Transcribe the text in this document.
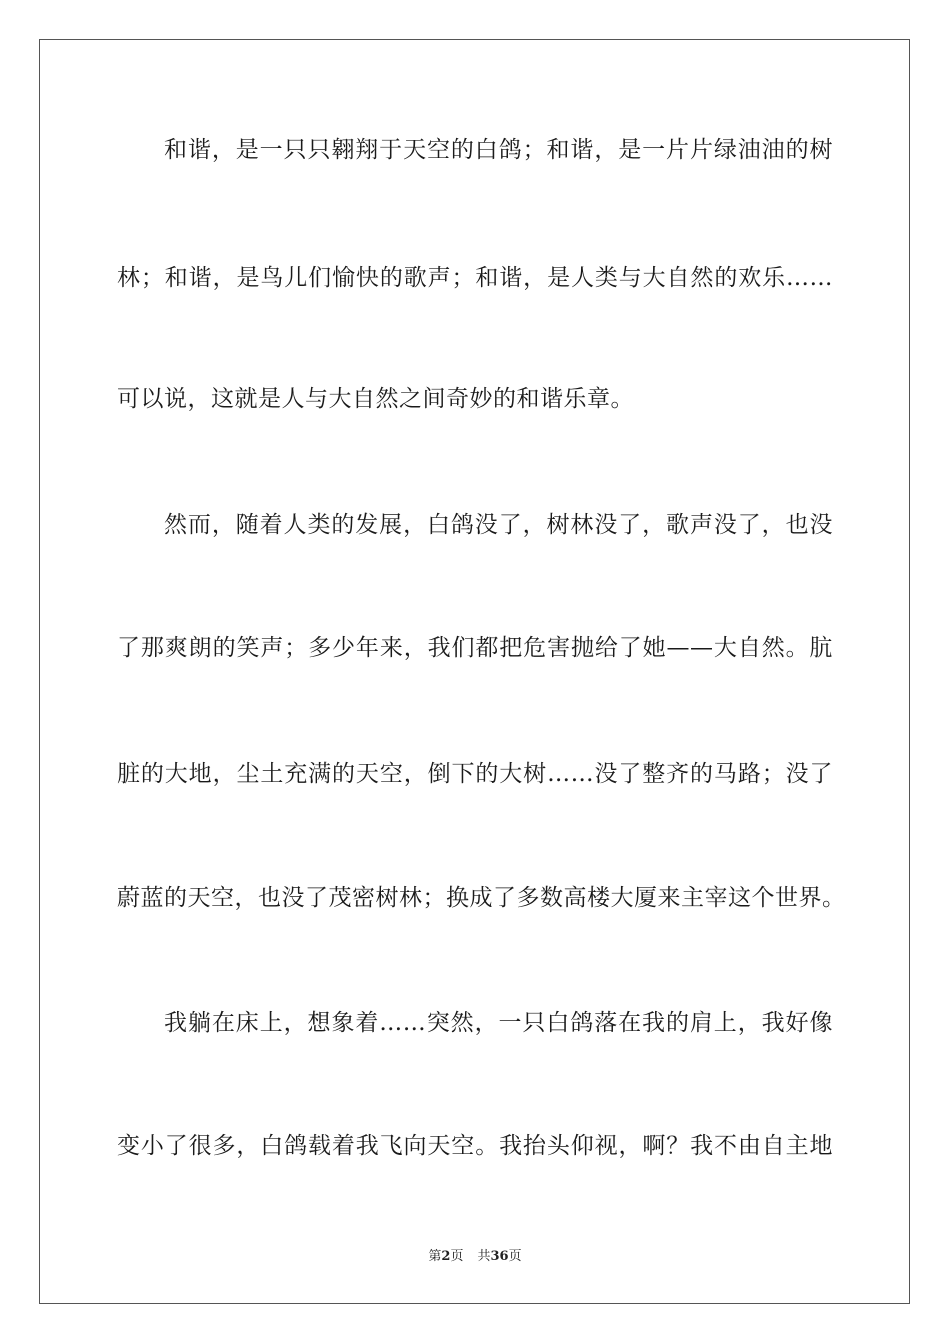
和谐，是一只只翱翔于天空的白鸽；和谐，是一片片绿油油的树
林；和谐，是鸟儿们愉快的歌声；和谐，是人类与大自然的欢乐……
可以说，这就是人与大自然之间奇妙的和谐乐章。
然而，随着人类的发展，白鸽没了，树林没了，歌声没了，也没
了那爽朗的笑声；多少年来，我们都把危害抛给了她——大自然。肮
脏的大地，尘土充满的天空，倒下的大树……没了整齐的马路；没了
蔚蓝的天空，也没了茂密树林；换成了多数高楼大厦来主宰这个世界。
我躺在床上，想象着……突然，一只白鸽落在我的肩上，我好像
变小了很多，白鸽载着我飞向天空。我抬头仰视，啊？我不由自主地
第2页 共36页
